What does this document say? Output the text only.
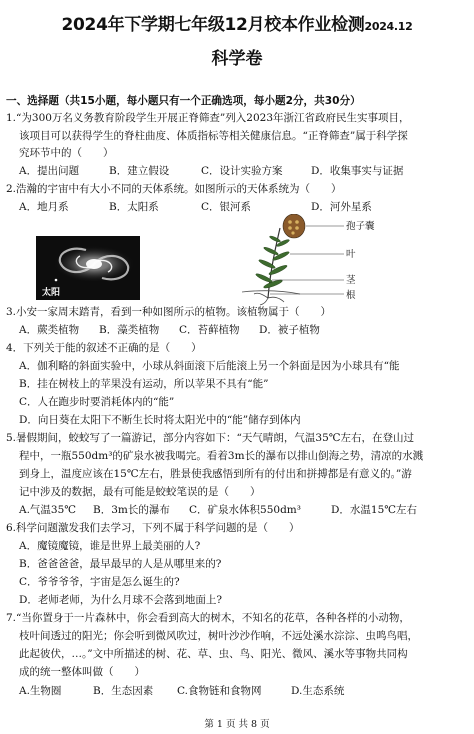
2024年下学期七年级12月校本作业检测2024.12
科学卷
一、选择题（共15小题，每小题只有一个正确选项，每小题2分，共30分）
1.“为300万名义务教育阶段学生开展正脊筛查”列入2023年浙江省政府民生实事项目，
该项目可以获得学生的脊柱曲度、体质指标等相关健康信息。“正脊筛查”属于科学探
究环节中的（　　）
A．提出问题	B．建立假设	C．设计实验方案	D．收集事实与证据
2.浩瀚的宇宙中有大小不同的天体系统。如图所示的天体系统为（　　）
A．地月系	B．太阳系	C．银河系	D．河外星系
太阳
孢子囊
叶
茎
根
3.小安一家周末踏青，看到一种如图所示的植物。该植物属于（　　）
A．蕨类植物 B．藻类植物 C．苔藓植物 D．被子植物
4．下列关于能的叙述不正确的是（　　）
A．伽利略的斜面实验中，小球从斜面滚下后能滚上另一个斜面是因为小球具有“能
B．挂在树枝上的苹果没有运动，所以苹果不具有“能”
C．人在跑步时要消耗体内的“能”
D．向日葵在太阳下不断生长时将太阳光中的“能”储存到体内
5.暑假期间，蛟蛟写了一篇游记，部分内容如下：“天气晴朗，气温35℃左右，在登山过
程中，一瓶550dm³的矿泉水被我喝完。看着3m长的瀑布以排山倒海之势，清凉的水溅
到身上，温度应该在15℃左右，胜景使我感悟到所有的付出和拼搏都是有意义的。”游
记中涉及的数据，最有可能是蛟蛟笔误的是（　　）
A.气温35℃ B．3m长的瀑布 C．矿泉水体积550dm³	D．水温15℃左右
6.科学问题激发我们去学习，下列不属于科学问题的是（　　）
A．魔镜魔镜，谁是世界上最美丽的人?
B．爸爸爸爸，最早最早的人是从哪里来的?
C．爷爷爷爷，宇宙是怎么诞生的?
D．老师老师，为什么月球不会落到地面上?
7.“当你置身于一片森林中，你会看到高大的树木，不知名的花草，各种各样的小动物，
枝叶间透过的阳光；你会听到微风吹过，树叶沙沙作响，不远处溪水淙淙、虫鸣鸟唱，
此起彼伏，…。”文中所描述的树、花、草、虫、鸟、阳光、微风、溪水等事物共同构
成的统一整体叫做（　　）
A.生物圈	B．生态因素 C.食物链和食物网	D.生态系统
第 1 页 共 8 页
